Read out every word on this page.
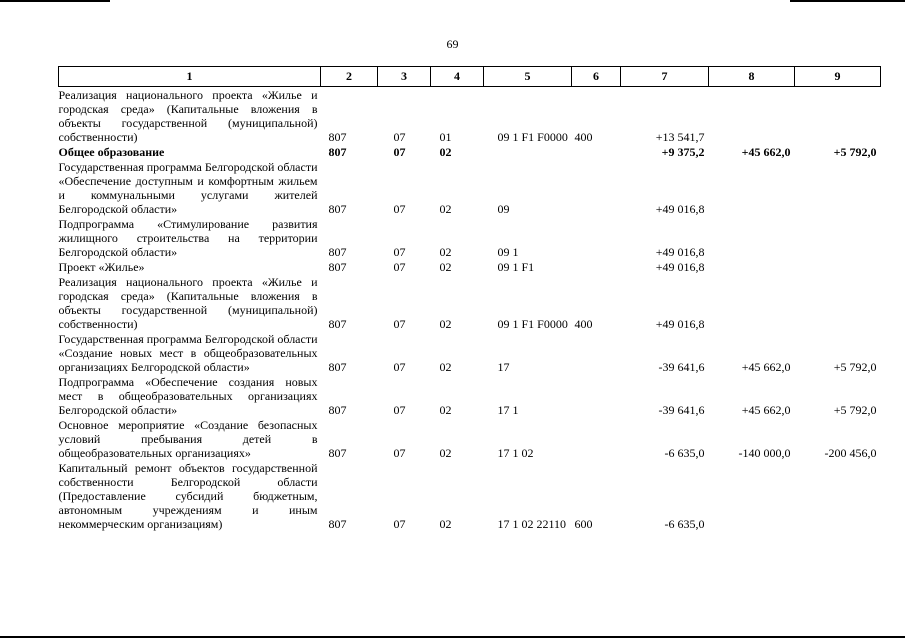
69
1	2	3	4	5	6	7	8	9
Реализация национального проекта «Жилье и городская среда» (Капитальные вложения в объекты государственной (муниципальной) собственности)	807	07	01	09 1 F1 F0000	400	+13 541,7		
Общее образование	807	07	02			+9 375,2	+45 662,0	+5 792,0
Государственная программа Белгородской области «Обеспечение доступным и комфортным жильем и коммунальными услугами жителей Белгородской области»	807	07	02	09		+49 016,8		
Подпрограмма «Стимулирование развития жилищного строительства на территории Белгородской области»	807	07	02	09 1		+49 016,8		
Проект «Жилье»	807	07	02	09 1 F1		+49 016,8		
Реализация национального проекта «Жилье и городская среда» (Капитальные вложения в объекты государственной (муниципальной) собственности)	807	07	02	09 1 F1 F0000	400	+49 016,8		
Государственная программа Белгородской области «Создание новых мест в общеобразовательных организациях Белгородской области»	807	07	02	17		-39 641,6	+45 662,0	+5 792,0
Подпрограмма «Обеспечение создания новых мест в общеобразовательных организациях Белгородской области»	807	07	02	17 1		-39 641,6	+45 662,0	+5 792,0
Основное мероприятие «Создание безопасных условий пребывания детей в общеобразовательных организациях»	807	07	02	17 1 02		-6 635,0	-140 000,0	-200 456,0
Капитальный ремонт объектов государственной собственности Белгородской области (Предоставление субсидий бюджетным, автономным учреждениям и иным некоммерческим организациям)	807	07	02	17 1 02 22110	600	-6 635,0		
